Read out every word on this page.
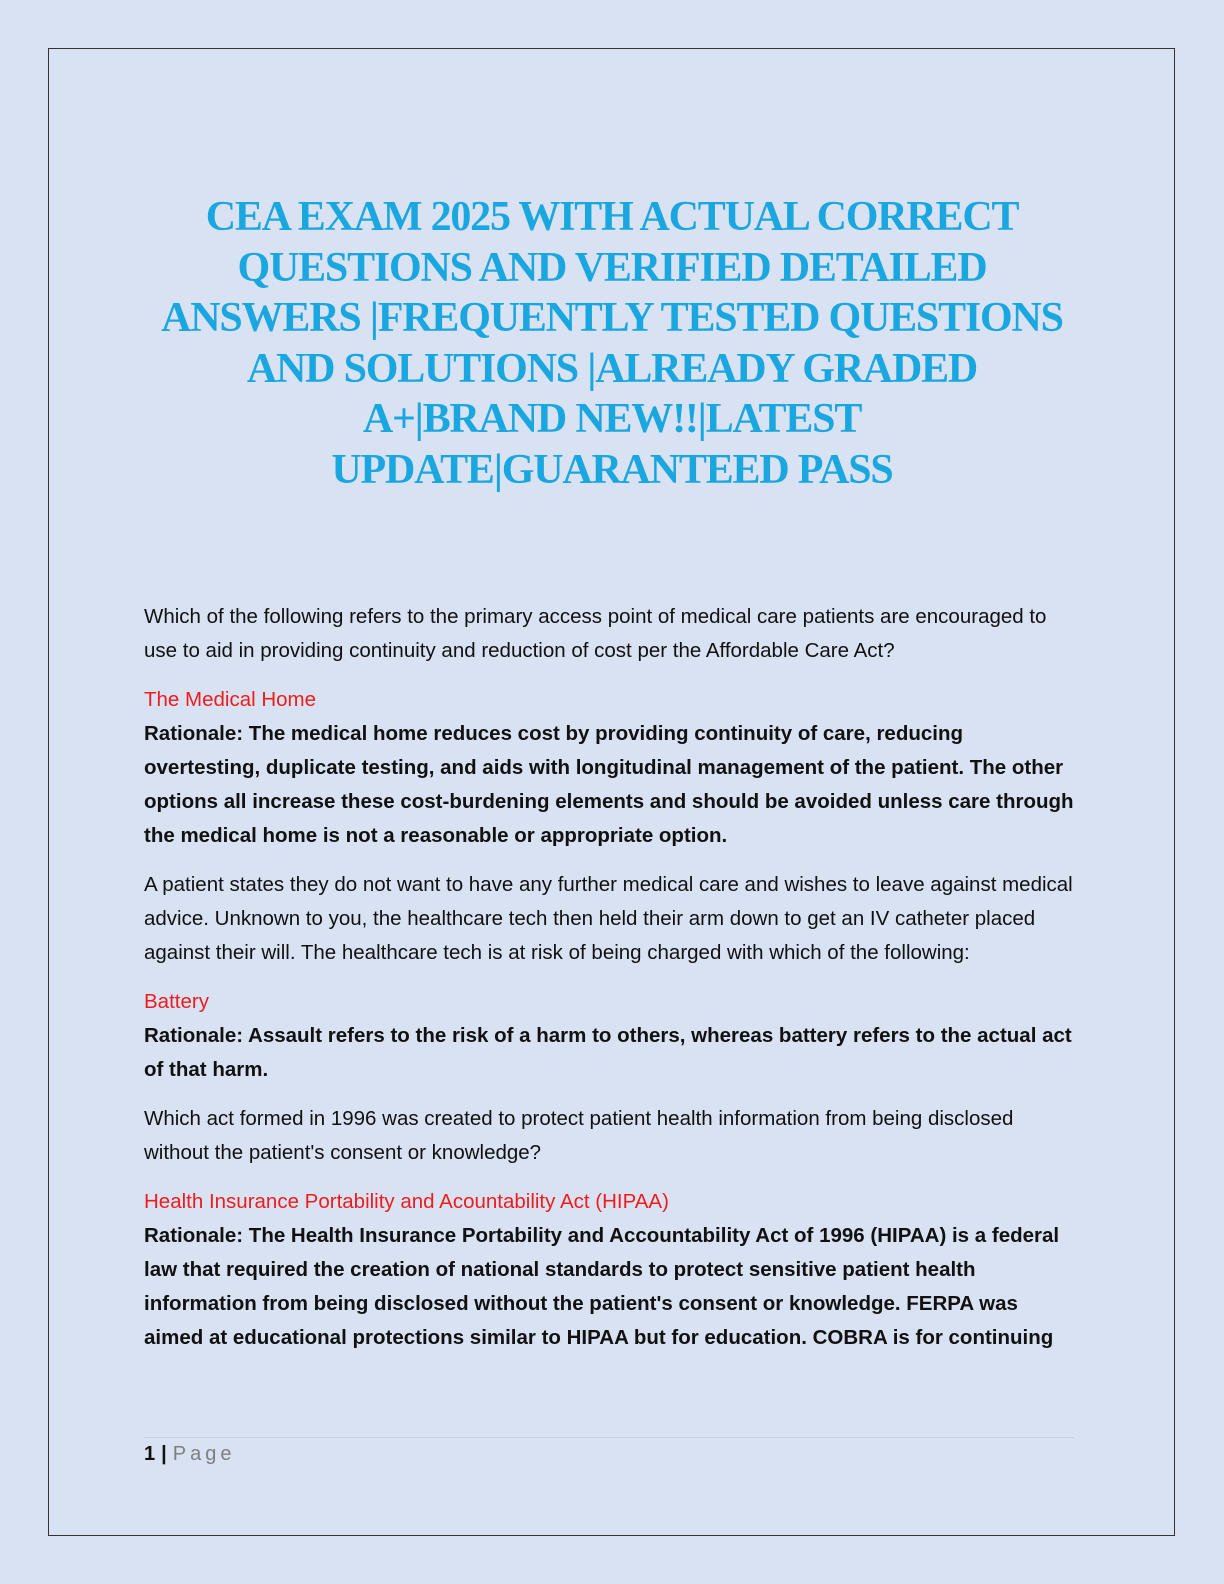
CEA EXAM 2025 WITH ACTUAL CORRECT QUESTIONS AND VERIFIED DETAILED ANSWERS |FREQUENTLY TESTED QUESTIONS AND SOLUTIONS |ALREADY GRADED A+|BRAND NEW!!|LATEST UPDATE|GUARANTEED PASS

Which of the following refers to the primary access point of medical care patients are encouraged to use to aid in providing continuity and reduction of cost per the Affordable Care Act?

The Medical Home

Rationale: The medical home reduces cost by providing continuity of care, reducing overtesting, duplicate testing, and aids with longitudinal management of the patient. The other options all increase these cost-burdening elements and should be avoided unless care through the medical home is not a reasonable or appropriate option.

A patient states they do not want to have any further medical care and wishes to leave against medical advice. Unknown to you, the healthcare tech then held their arm down to get an IV catheter placed against their will. The healthcare tech is at risk of being charged with which of the following:

Battery

Rationale: Assault refers to the risk of a harm to others, whereas battery refers to the actual act of that harm.

Which act formed in 1996 was created to protect patient health information from being disclosed without the patient's consent or knowledge?

Health Insurance Portability and Acountability Act (HIPAA)

Rationale: The Health Insurance Portability and Accountability Act of 1996 (HIPAA) is a federal law that required the creation of national standards to protect sensitive patient health information from being disclosed without the patient's consent or knowledge. FERPA was aimed at educational protections similar to HIPAA but for education. COBRA is for continuing

1 | Page
